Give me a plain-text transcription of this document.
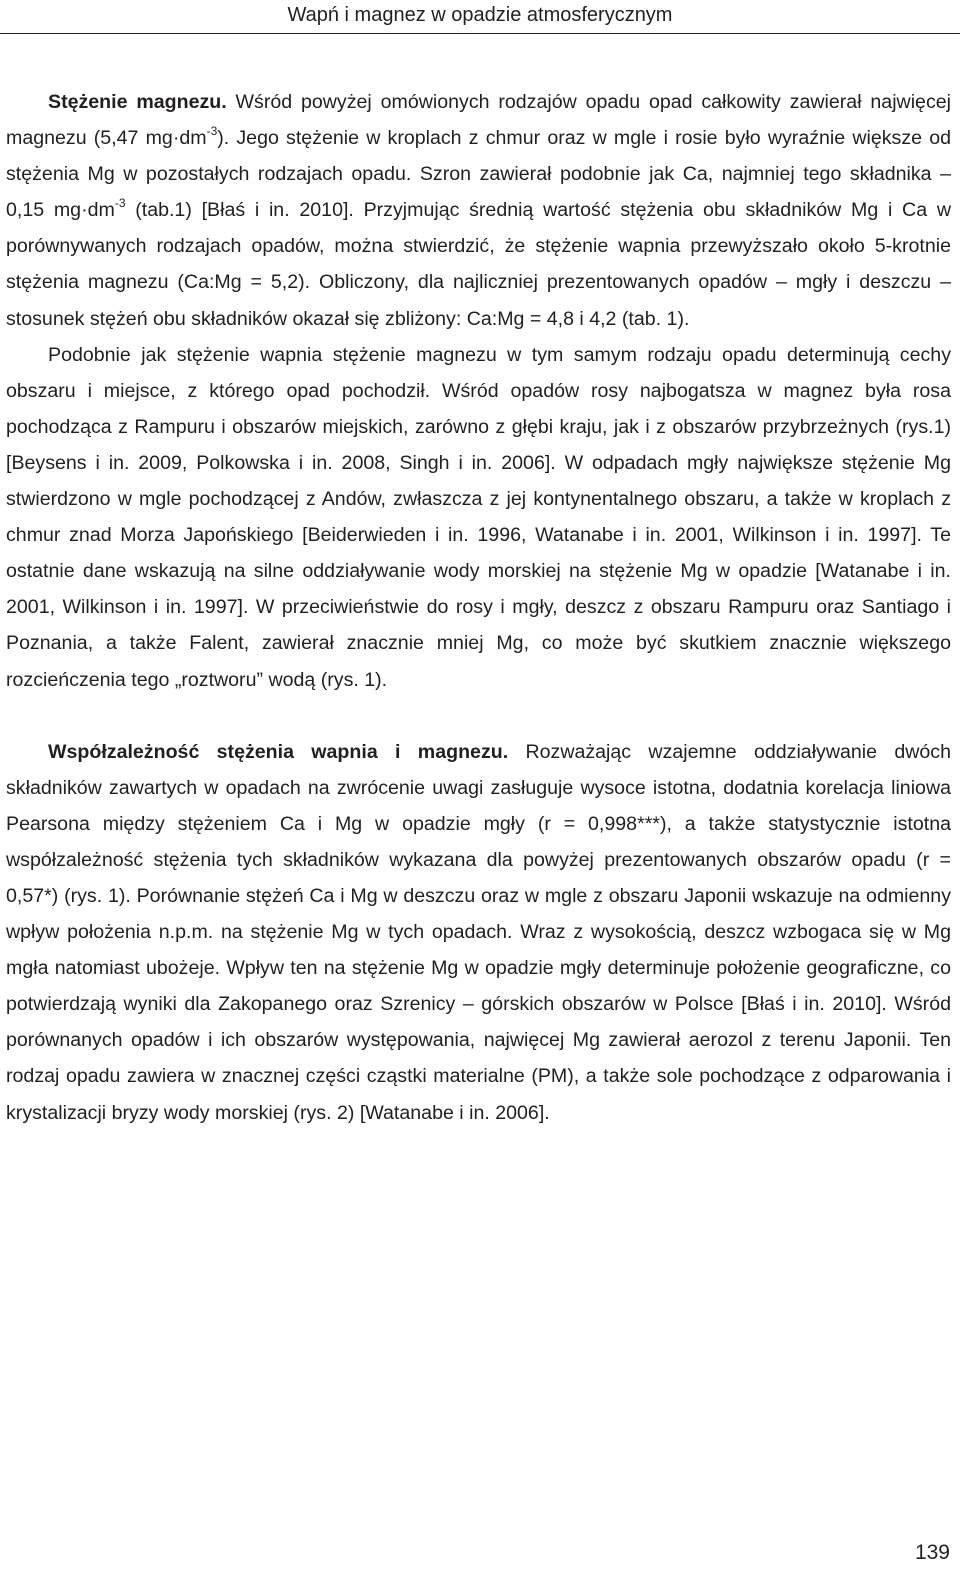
Wapń i magnez w opadzie atmosferycznym

Stężenie magnezu. Wśród powyżej omówionych rodzajów opadu opad całkowity zawierał najwięcej magnezu (5,47 $mg\cdot dm^{-3}$). Jego stężenie w kroplach z chmur oraz w mgle i rosie było wyraźnie większe od stężenia Mg w pozostałych rodzajach opadu. Szron zawierał podobnie jak Ca, najmniej tego składnika – 0,15 $mg\cdot dm^{-3}$ (tab.1) [Błaś i in. 2010]. Przyjmując średnią wartość stężenia obu składników Mg i Ca w porównywanych rodzajach opadów, można stwierdzić, że stężenie wapnia przewyższało około 5-krotnie stężenia magnezu (Ca:Mg = 5,2). Obliczony, dla najliczniej prezentowanych opadów – mgły i deszczu – stosunek stężeń obu składników okazał się zbliżony: Ca:Mg = 4,8 i 4,2 (tab. 1).

Podobnie jak stężenie wapnia stężenie magnezu w tym samym rodzaju opadu determinują cechy obszaru i miejsce, z którego opad pochodził. Wśród opadów rosy najbogatsza w magnez była rosa pochodząca z Rampuru i obszarów miejskich, zarówno z głębi kraju, jak i z obszarów przybrzeżnych (rys.1) [Beysens i in. 2009, Polkowska i in. 2008, Singh i in. 2006]. W odpadach mgły największe stężenie Mg stwierdzono w mgle pochodzącej z Andów, zwłaszcza z jej kontynentalnego obszaru, a także w kroplach z chmur znad Morza Japońskiego [Beiderwieden i in. 1996, Watanabe i in. 2001, Wilkinson i in. 1997]. Te ostatnie dane wskazują na silne oddziaływanie wody morskiej na stężenie Mg w opadzie [Watanabe i in. 2001, Wilkinson i in. 1997]. W przeciwieństwie do rosy i mgły, deszcz z obszaru Rampuru oraz Santiago i Poznania, a także Falent, zawierał znacznie mniej Mg, co może być skutkiem znacznie większego rozcieńczenia tego „roztworu” wodą (rys. 1).

Współzależność stężenia wapnia i magnezu. Rozważając wzajemne oddziaływanie dwóch składników zawartych w opadach na zwrócenie uwagi zasługuje wysoce istotna, dodatnia korelacja liniowa Pearsona między stężeniem Ca i Mg w opadzie mgły (r = 0,998***), a także statystycznie istotna współzależność stężenia tych składników wykazana dla powyżej prezentowanych obszarów opadu (r = 0,57*) (rys. 1). Porównanie stężeń Ca i Mg w deszczu oraz w mgle z obszaru Japonii wskazuje na odmienny wpływ położenia n.p.m. na stężenie Mg w tych opadach. Wraz z wysokością, deszcz wzbogaca się w Mg mgła natomiast ubożeje. Wpływ ten na stężenie Mg w opadzie mgły determinuje położenie geograficzne, co potwierdzają wyniki dla Zakopanego oraz Szrenicy – górskich obszarów w Polsce [Błaś i in. 2010]. Wśród porównanych opadów i ich obszarów występowania, najwięcej Mg zawierał aerozol z terenu Japonii. Ten rodzaj opadu zawiera w znacznej części cząstki materialne (PM), a także sole pochodzące z odparowania i krystalizacji bryzy wody morskiej (rys. 2) [Watanabe i in. 2006].

139
